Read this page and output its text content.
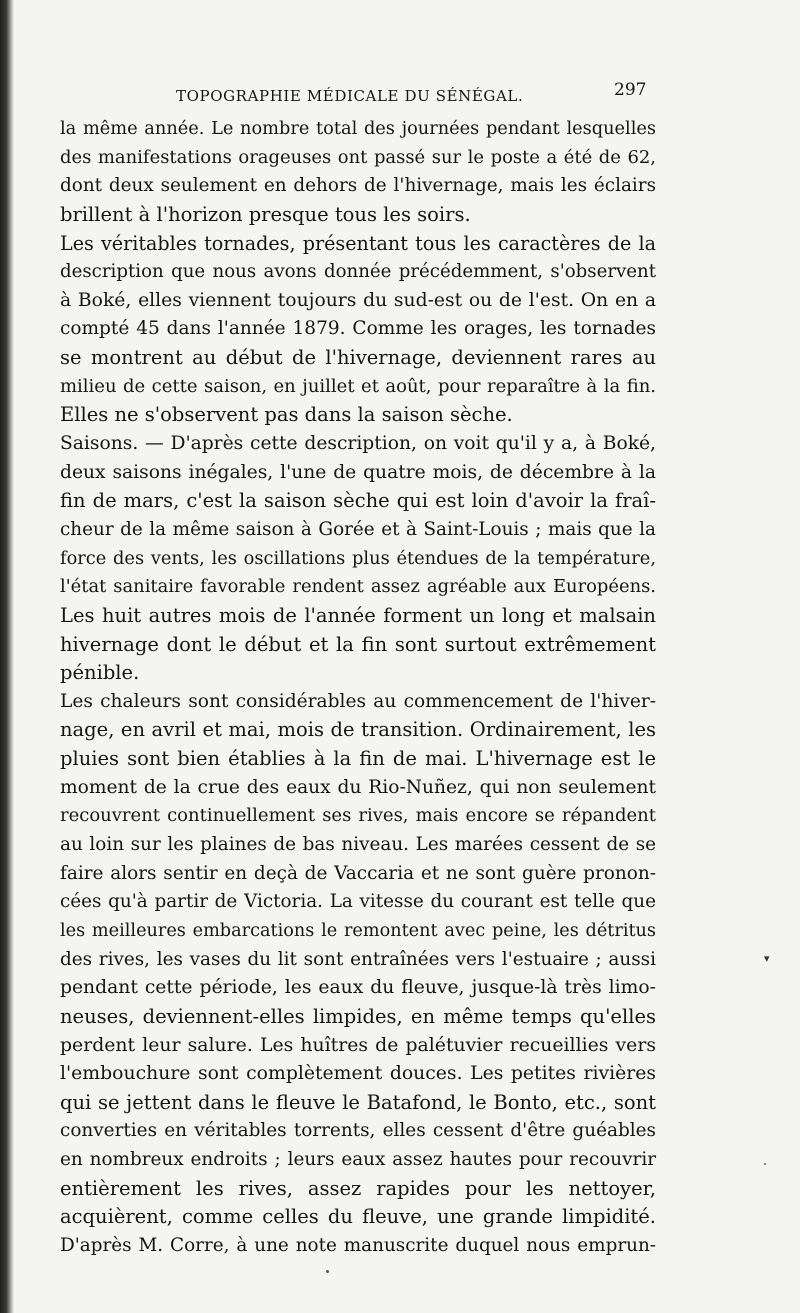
TOPOGRAPHIE MÉDICALE DU SÉNÉGAL.	297
la même année. Le nombre total des journées pendant lesquelles
des manifestations orageuses ont passé sur le poste a été de 62,
dont deux seulement en dehors de l'hivernage, mais les éclairs
brillent à l'horizon presque tous les soirs.
Les véritables tornades, présentant tous les caractères de la
description que nous avons donnée précédemment, s'observent
à Boké, elles viennent toujours du sud-est ou de l'est. On en a
compté 45 dans l'année 1879. Comme les orages, les tornades
se montrent au début de l'hivernage, deviennent rares au
milieu de cette saison, en juillet et août, pour reparaître à la fin.
Elles ne s'observent pas dans la saison sèche.
Saisons. — D'après cette description, on voit qu'il y a, à Boké,
deux saisons inégales, l'une de quatre mois, de décembre à la
fin de mars, c'est la saison sèche qui est loin d'avoir la fraî-
cheur de la même saison à Gorée et à Saint-Louis ; mais que la
force des vents, les oscillations plus étendues de la température,
l'état sanitaire favorable rendent assez agréable aux Européens.
Les huit autres mois de l'année forment un long et malsain
hivernage dont le début et la fin sont surtout extrêmement
pénible.
Les chaleurs sont considérables au commencement de l'hiver-
nage, en avril et mai, mois de transition. Ordinairement, les
pluies sont bien établies à la fin de mai. L'hivernage est le
moment de la crue des eaux du Rio-Nuñez, qui non seulement
recouvrent continuellement ses rives, mais encore se répandent
au loin sur les plaines de bas niveau. Les marées cessent de se
faire alors sentir en deçà de Vaccaria et ne sont guère pronon-
cées qu'à partir de Victoria. La vitesse du courant est telle que
les meilleures embarcations le remontent avec peine, les détritus
des rives, les vases du lit sont entraînées vers l'estuaire ; aussi
pendant cette période, les eaux du fleuve, jusque-là très limo-
neuses, deviennent-elles limpides, en même temps qu'elles
perdent leur salure. Les huîtres de palétuvier recueillies vers
l'embouchure sont complètement douces. Les petites rivières
qui se jettent dans le fleuve le Batafond, le Bonto, etc., sont
converties en véritables torrents, elles cessent d'être guéables
en nombreux endroits ; leurs eaux assez hautes pour recouvrir
entièrement les rives, assez rapides pour les nettoyer,
acquièrent, comme celles du fleuve, une grande limpidité.
D'après M. Corre, à une note manuscrite duquel nous emprun-
▾
